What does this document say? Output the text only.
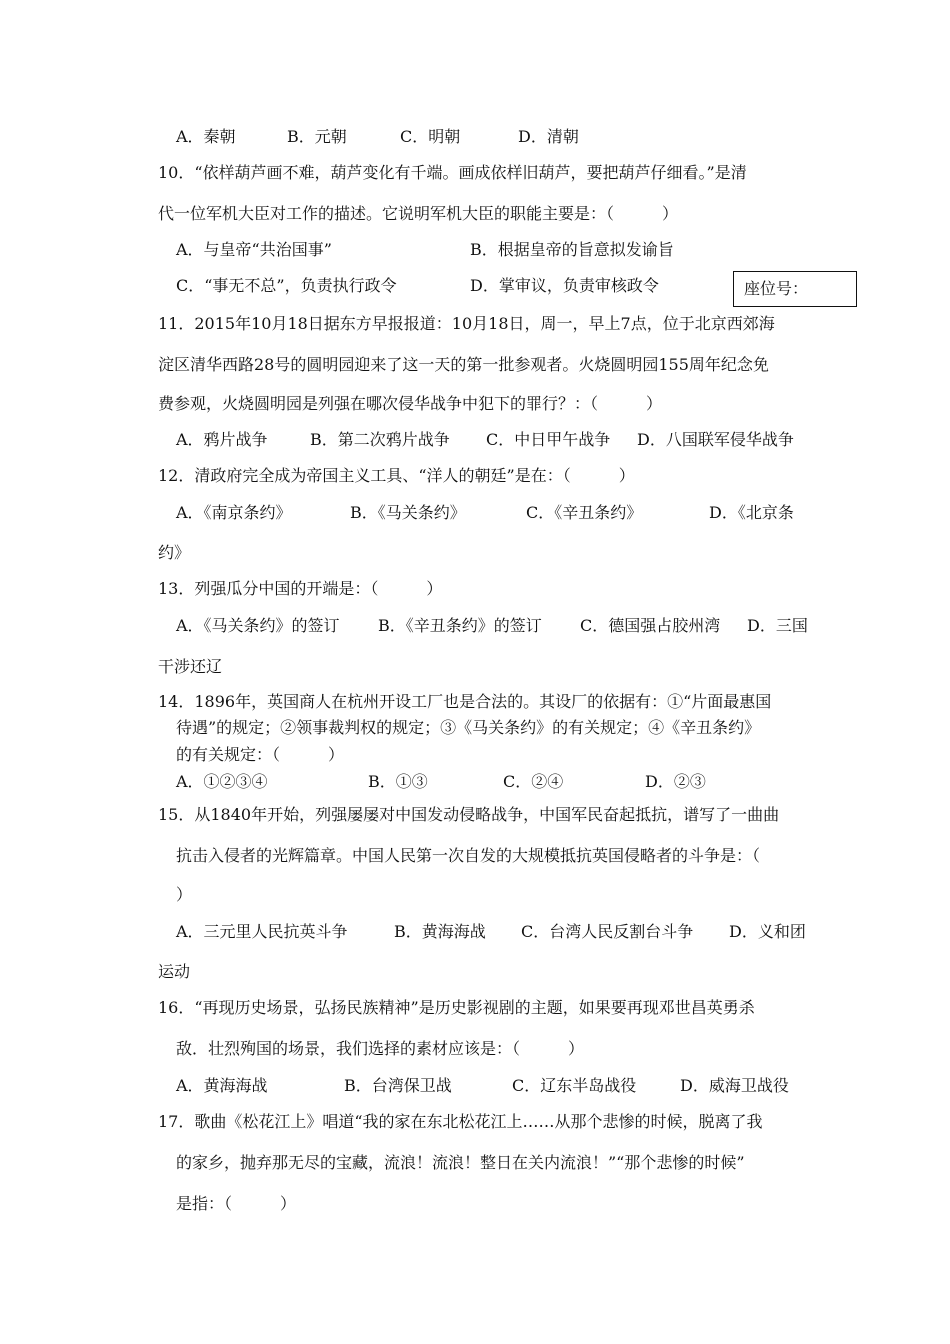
A．秦朝	B．元朝	C．明朝	D．清朝
10．“依样葫芦画不难，葫芦变化有千端。画成依样旧葫芦，要把葫芦仔细看。”是清
代一位军机大臣对工作的描述。它说明军机大臣的职能主要是：（　　　）
A．与皇帝“共治国事”	B．根据皇帝的旨意拟发谕旨
C．“事无不总”，负责执行政令	D．掌审议，负责审核政令	座位号：
11．2015年10月18日据东方早报报道：10月18日，周一，早上7点，位于北京西郊海
淀区清华西路28号的圆明园迎来了这一天的第一批参观者。火烧圆明园155周年纪念免
费参观，火烧圆明园是列强在哪次侵华战争中犯下的罪行？：（　　　）
A．鸦片战争	B．第二次鸦片战争 C．中日甲午战争 D．八国联军侵华战争
12．清政府完全成为帝国主义工具、“洋人的朝廷”是在：（　　　）
A．《南京条约》	B．《马关条约》	C．《辛丑条约》	D．《北京条
约》
13．列强瓜分中国的开端是：（　　　）
A．《马关条约》的签订 B．《辛丑条约》的签订 C．德国强占胶州湾 D．三国
干涉还辽
14．1896年，英国商人在杭州开设工厂也是合法的。其设厂的依据有：①“片面最惠国
待遇”的规定；②领事裁判权的规定；③《马关条约》的有关规定；④《辛丑条约》
的有关规定：（　　　）
A．①②③④	B．①③	C．②④	D．②③
15．从1840年开始，列强屡屡对中国发动侵略战争，中国军民奋起抵抗，谱写了一曲曲
抗击入侵者的光辉篇章。中国人民第一次自发的大规模抵抗英国侵略者的斗争是：（
）
A．三元里人民抗英斗争	B．黄海海战 C．台湾人民反割台斗争 D．义和团
运动
16．“再现历史场景，弘扬民族精神”是历史影视剧的主题，如果要再现邓世昌英勇杀
敌．壮烈殉国的场景，我们选择的素材应该是：（　　　）
A．黄海海战	B．台湾保卫战	C．辽东半岛战役	D．威海卫战役
17．歌曲《松花江上》唱道“我的家在东北松花江上……从那个悲惨的时候，脱离了我
的家乡，抛弃那无尽的宝藏，流浪！流浪！整日在关内流浪！”“那个悲惨的时候”
是指：（　　　）
